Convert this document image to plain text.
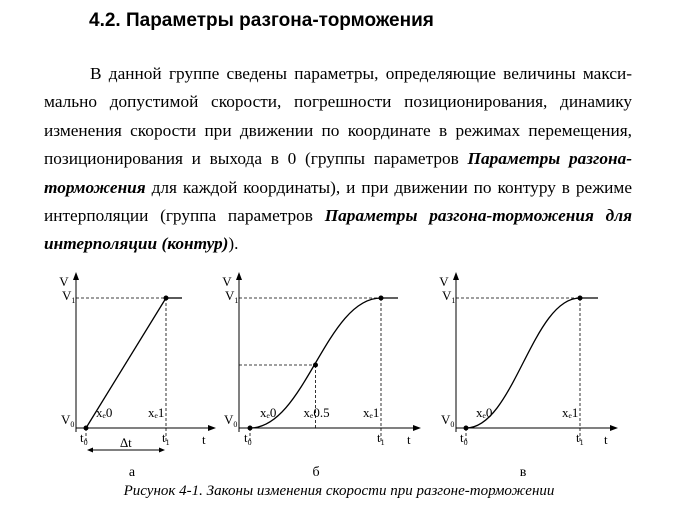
4.2. Параметры разгона-торможения
В данной группе сведены параметры, определяющие величины макси-
мально допустимой скорости, погрешности позиционирования, динамику
изменения скорости при движении по координате в режимах перемещения,
позиционирования и выхода в 0 (группы параметров Параметры разгона-
торможения для каждой координаты), и при движении по контуру в режиме
интерполяции (группа параметров Параметры разгона-торможения для
интерполяции (контур)).
V
$V_1$
$V_0$
t
$t_0$	$t_1$
xₑ0	xₑ1
∆t
а
V
$V_1$
$V_0$
t
$t_0$	$t_1$
xₑ0	xₑ1
xₑ0.5
б
V
$V_1$
$V_0$
t
$t_0$	$t_1$
xₑ0	xₑ1
в
Рисунок 4-1. Законы изменения скорости при разгоне-торможении
